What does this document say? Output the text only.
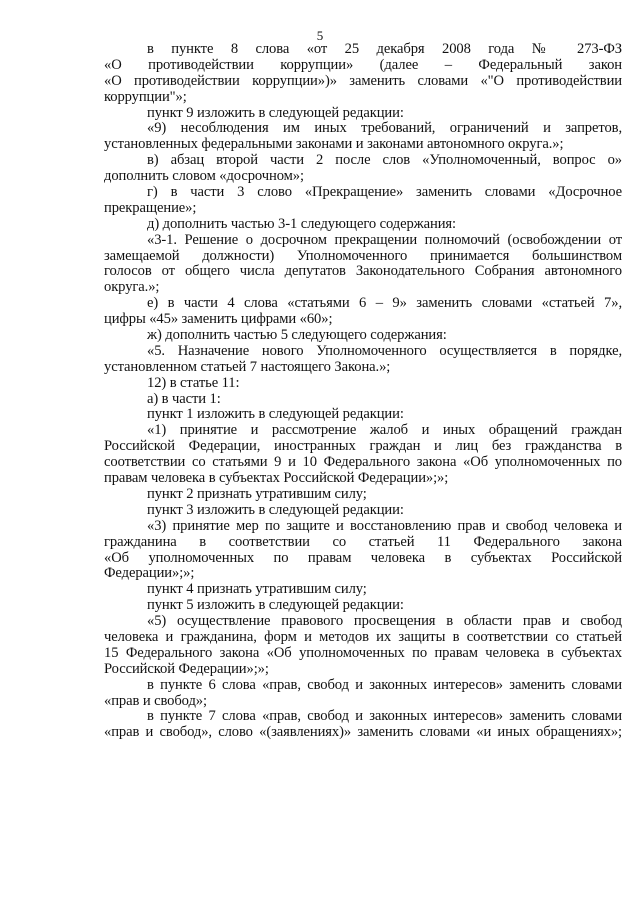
5
в пункте 8 слова «от 25 декабря 2008 года № 273-ФЗ
«О противодействии коррупции» (далее – Федеральный закон
«О противодействии коррупции»)» заменить словами «"О противодействии
коррупции"»;
пункт 9 изложить в следующей редакции:
«9) несоблюдения им иных требований, ограничений и запретов,
установленных федеральными законами и законами автономного округа.»;
в) абзац второй части 2 после слов «Уполномоченный, вопрос о»
дополнить словом «досрочном»;
г) в части 3 слово «Прекращение» заменить словами «Досрочное
прекращение»;
д) дополнить частью 3-1 следующего содержания:
«3-1. Решение о досрочном прекращении полномочий (освобождении от
замещаемой должности) Уполномоченного принимается большинством
голосов от общего числа депутатов Законодательного Собрания автономного
округа.»;
е) в части 4 слова «статьями 6 – 9» заменить словами «статьей 7»,
цифры «45» заменить цифрами «60»;
ж) дополнить частью 5 следующего содержания:
«5. Назначение нового Уполномоченного осуществляется в порядке,
установленном статьей 7 настоящего Закона.»;
12) в статье 11:
а) в части 1:
пункт 1 изложить в следующей редакции:
«1) принятие и рассмотрение жалоб и иных обращений граждан
Российской Федерации, иностранных граждан и лиц без гражданства в
соответствии со статьями 9 и 10 Федерального закона «Об уполномоченных по
правам человека в субъектах Российской Федерации»;»;
пункт 2 признать утратившим силу;
пункт 3 изложить в следующей редакции:
«3) принятие мер по защите и восстановлению прав и свобод человека и
гражданина в соответствии со статьей 11 Федерального закона
«Об уполномоченных по правам человека в субъектах Российской
Федерации»;»;
пункт 4 признать утратившим силу;
пункт 5 изложить в следующей редакции:
«5) осуществление правового просвещения в области прав и свобод
человека и гражданина, форм и методов их защиты в соответствии со статьей
15 Федерального закона «Об уполномоченных по правам человека в субъектах
Российской Федерации»;»;
в пункте 6 слова «прав, свобод и законных интересов» заменить словами
«прав и свобод»;
в пункте 7 слова «прав, свобод и законных интересов» заменить словами
«прав и свобод», слово «(заявлениях)» заменить словами «и иных обращениях»;
